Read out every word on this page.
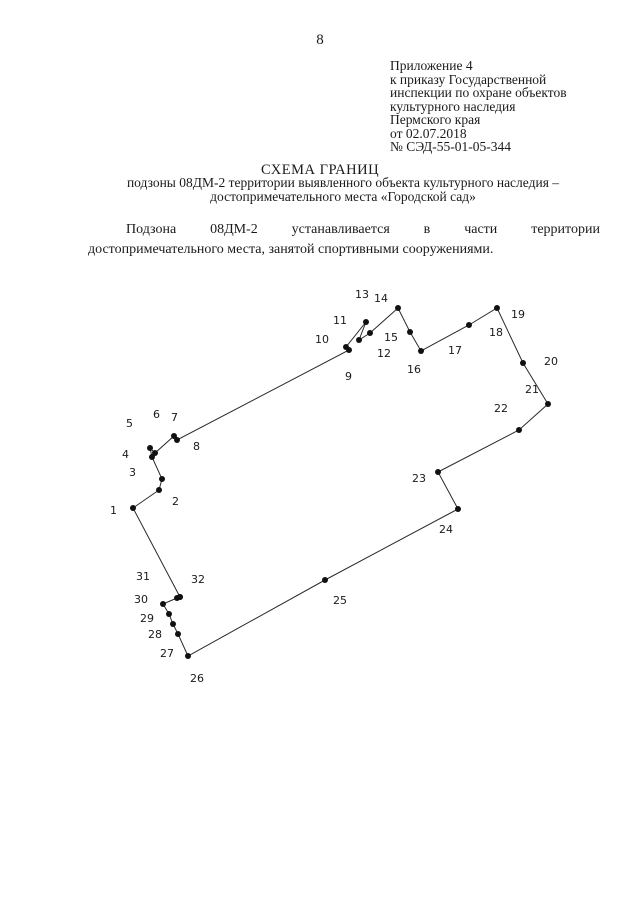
8
Приложение 4
к приказу Государственной
инспекции по охране объектов
культурного наследия
Пермского края
от 02.07.2018
№ СЭД-55-01-05-344
СХЕМА ГРАНИЦ
подзоны 08ДМ-2 территории выявленного объекта культурного наследия –
достопримечательного места «Городской сад»
Подзона 08ДМ-2 устанавливается в части территории
достопримечательного места, занятой спортивными сооружениями.
1
2
3
4
5
6 7
8
9
10
11
12
13 14
15
16
17
18
19
20
21
22
23
24
25
26
27
28
29
30
31	32
